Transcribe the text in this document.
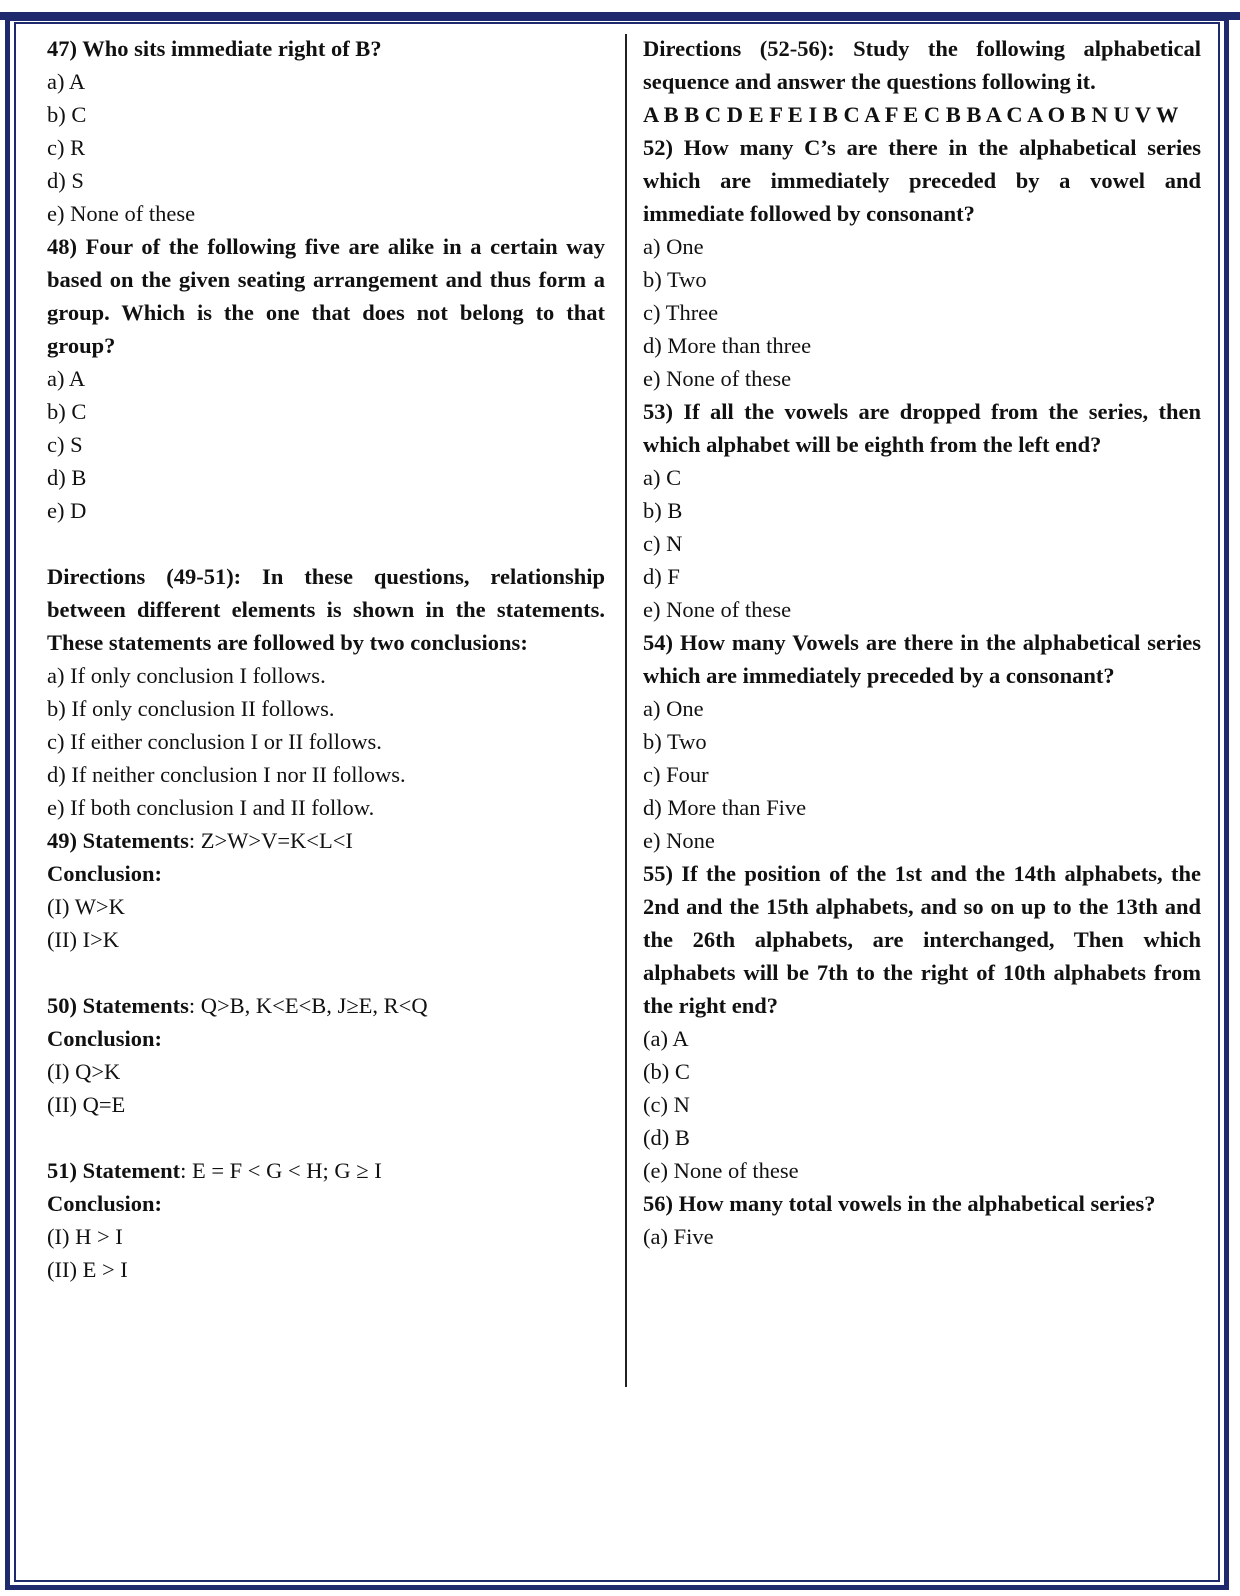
47) Who sits immediate right of B?
a) A
b) C
c) R
d) S
e) None of these
48) Four of the following five are alike in a certain way based on the given seating arrangement and thus form a group. Which is the one that does not belong to that group?
a) A
b) C
c) S
d) B
e) D
Directions (49-51): In these questions, relationship between different elements is shown in the statements. These statements are followed by two conclusions:
a) If only conclusion I follows.
b) If only conclusion II follows.
c) If either conclusion I or II follows.
d) If neither conclusion I nor II follows.
e) If both conclusion I and II follow.
49) Statements: Z>W>V=K<L<I
Conclusion:
(I) W>K
(II) I>K
50) Statements: Q>B, K<E<B, J≥E, R<Q
Conclusion:
(I) Q>K
(II) Q=E
51) Statement: E = F < G < H; G ≥ I
Conclusion:
(I) H > I
(II) E > I
Directions (52-56): Study the following alphabetical sequence and answer the questions following it.
A B B C D E F E I B C A F E C B B A C A O B N U V W
52) How many C’s are there in the alphabetical series which are immediately preceded by a vowel and immediate followed by consonant?
a) One
b) Two
c) Three
d) More than three
e) None of these
53) If all the vowels are dropped from the series, then which alphabet will be eighth from the left end?
a) C
b) B
c) N
d) F
e) None of these
54) How many Vowels are there in the alphabetical series which are immediately preceded by a consonant?
a) One
b) Two
c) Four
d) More than Five
e) None
55) If the position of the 1st and the 14th alphabets, the 2nd and the 15th alphabets, and so on up to the 13th and the 26th alphabets, are interchanged, Then which alphabets will be 7th to the right of 10th alphabets from the right end?
(a) A
(b) C
(c) N
(d) B
(e) None of these
56) How many total vowels in the alphabetical series?
(a) Five
